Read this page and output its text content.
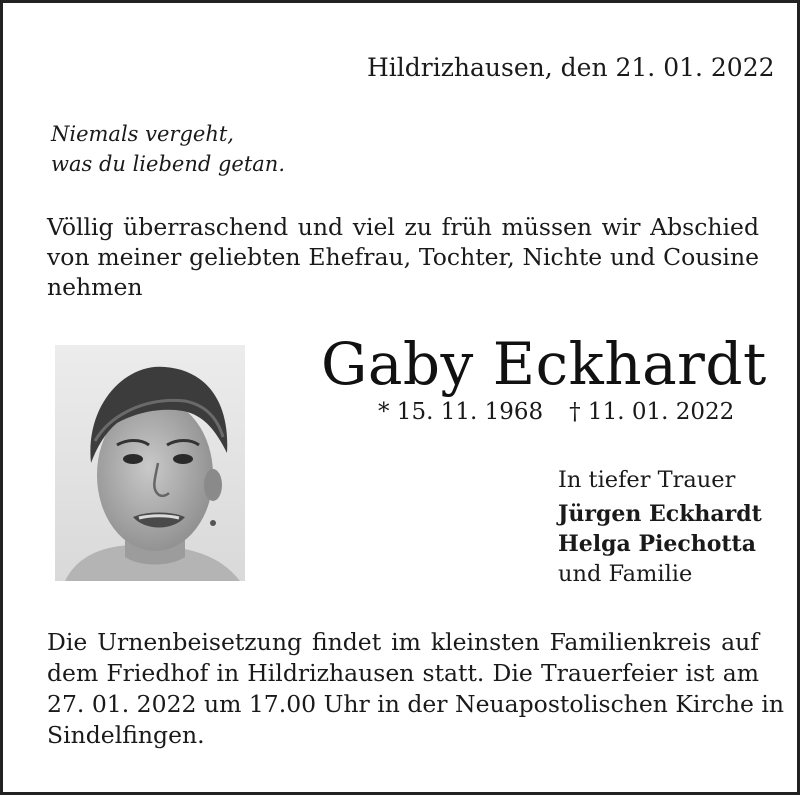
Hildrizhausen, den 21. 01. 2022
Niemals vergeht,
was du liebend getan.
Völlig überraschend und viel zu früh müssen wir Abschied
von meiner geliebten Ehefrau, Tochter, Nichte und Cousine
nehmen
Gaby Eckhardt
* 15. 11. 1968 † 11. 01. 2022
In tiefer Trauer
Jürgen Eckhardt
Helga Piechotta
und Familie
Die Urnenbeisetzung findet im kleinsten Familienkreis auf
dem Friedhof in Hildrizhausen statt. Die Trauerfeier ist am
27. 01. 2022 um 17.00 Uhr in der Neuapostolischen Kirche in
Sindelfingen.
